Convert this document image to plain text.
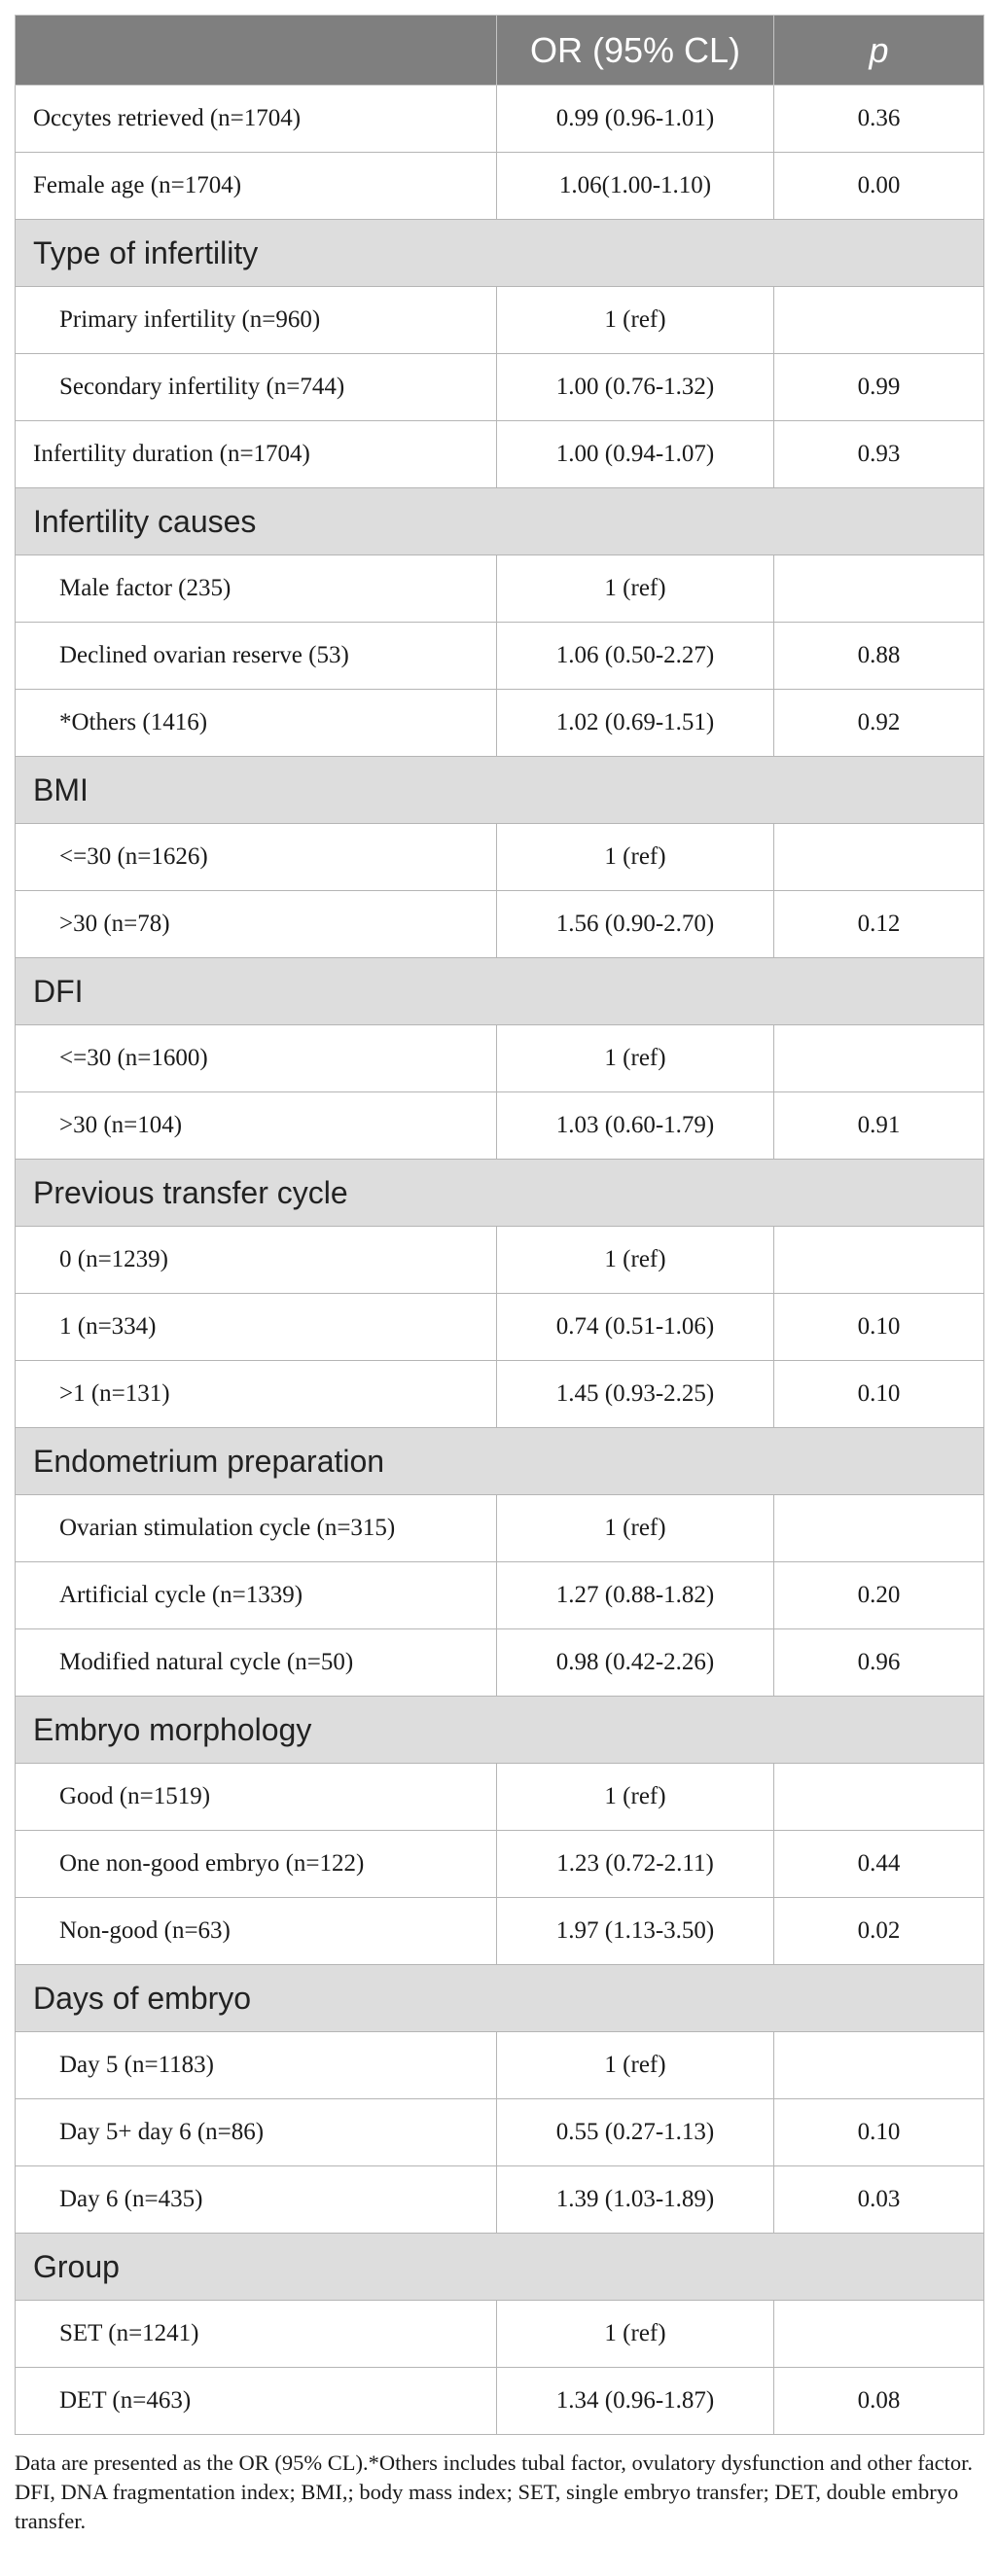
	OR (95% CL)	p
Occytes retrieved (n=1704)	0.99 (0.96-1.01)	0.36
Female age (n=1704)	1.06(1.00-1.10)	0.00
Type of infertility		
Primary infertility (n=960)	1 (ref)	
Secondary infertility (n=744)	1.00 (0.76-1.32)	0.99
Infertility duration (n=1704)	1.00 (0.94-1.07)	0.93
Infertility causes		
Male factor (235)	1 (ref)	
Declined ovarian reserve (53)	1.06 (0.50-2.27)	0.88
*Others (1416)	1.02 (0.69-1.51)	0.92
BMI		
<=30 (n=1626)	1 (ref)	
>30 (n=78)	1.56 (0.90-2.70)	0.12
DFI		
<=30 (n=1600)	1 (ref)	
>30 (n=104)	1.03 (0.60-1.79)	0.91
Previous transfer cycle		
0 (n=1239)	1 (ref)	
1 (n=334)	0.74 (0.51-1.06)	0.10
>1 (n=131)	1.45 (0.93-2.25)	0.10
Endometrium preparation		
Ovarian stimulation cycle (n=315)	1 (ref)	
Artificial cycle (n=1339)	1.27 (0.88-1.82)	0.20
Modified natural cycle (n=50)	0.98 (0.42-2.26)	0.96
Embryo morphology		
Good (n=1519)	1 (ref)	
One non-good embryo (n=122)	1.23 (0.72-2.11)	0.44
Non-good (n=63)	1.97 (1.13-3.50)	0.02
Days of embryo		
Day 5 (n=1183)	1 (ref)	
Day 5+ day 6 (n=86)	0.55 (0.27-1.13)	0.10
Day 6 (n=435)	1.39 (1.03-1.89)	0.03
Group		
SET (n=1241)	1 (ref)	
DET (n=463)	1.34 (0.96-1.87)	0.08
Data are presented as the OR (95% CL).*Others includes tubal factor, ovulatory dysfunction and other factor. DFI, DNA fragmentation index; BMI,; body mass index; SET, single embryo transfer; DET, double embryo transfer.
